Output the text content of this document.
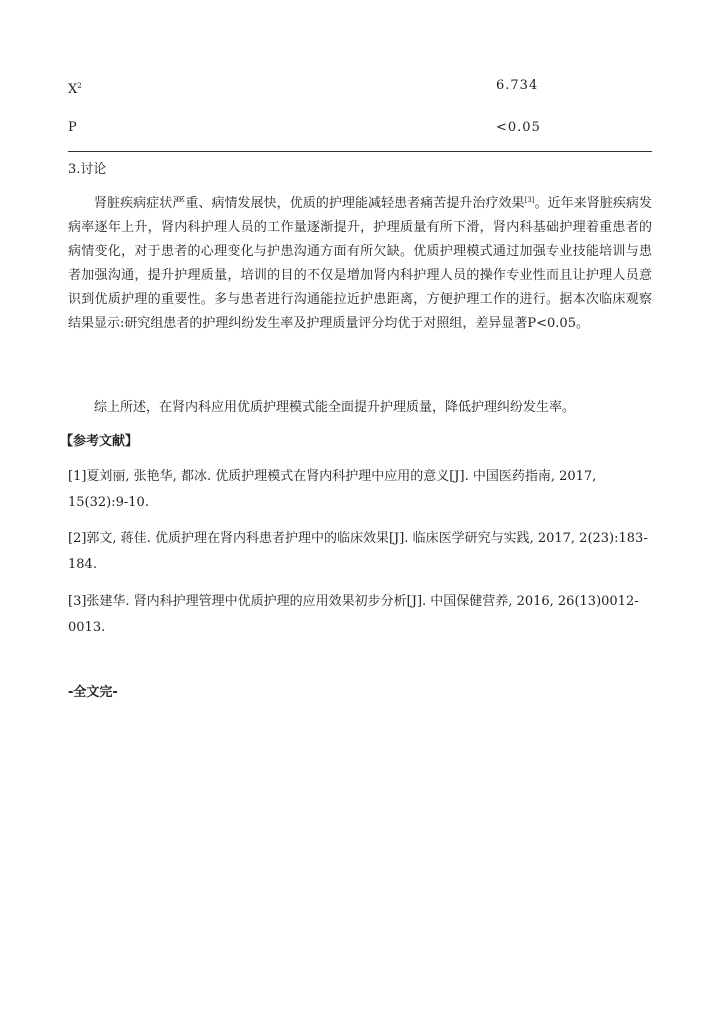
$X^2$	6.734
P	<0.05
3.讨论

肾脏疾病症状严重、病情发展快，优质的护理能减轻患者痛苦提升治疗效果[3]。近年来肾脏疾病发病率逐年上升，肾内科护理人员的工作量逐渐提升，护理质量有所下滑，肾内科基础护理着重患者的病情变化，对于患者的心理变化与护患沟通方面有所欠缺。优质护理模式通过加强专业技能培训与患者加强沟通，提升护理质量，培训的目的不仅是增加肾内科护理人员的操作专业性而且让护理人员意识到优质护理的重要性。多与患者进行沟通能拉近护患距离，方便护理工作的进行。据本次临床观察结果显示:研究组患者的护理纠纷发生率及护理质量评分均优于对照组，差异显著P<0.05。

综上所述，在肾内科应用优质护理模式能全面提升护理质量，降低护理纠纷发生率。

【参考文献】

[1]夏刘丽, 张艳华, 都冰. 优质护理模式在肾内科护理中应用的意义[J]. 中国医药指南, 2017, 15(32):9-10.

[2]郭文, 蒋佳. 优质护理在肾内科患者护理中的临床效果[J]. 临床医学研究与实践, 2017, 2(23):183-184.

[3]张建华. 肾内科护理管理中优质护理的应用效果初步分析[J]. 中国保健营养, 2016, 26(13)0012-0013.

-全文完-
